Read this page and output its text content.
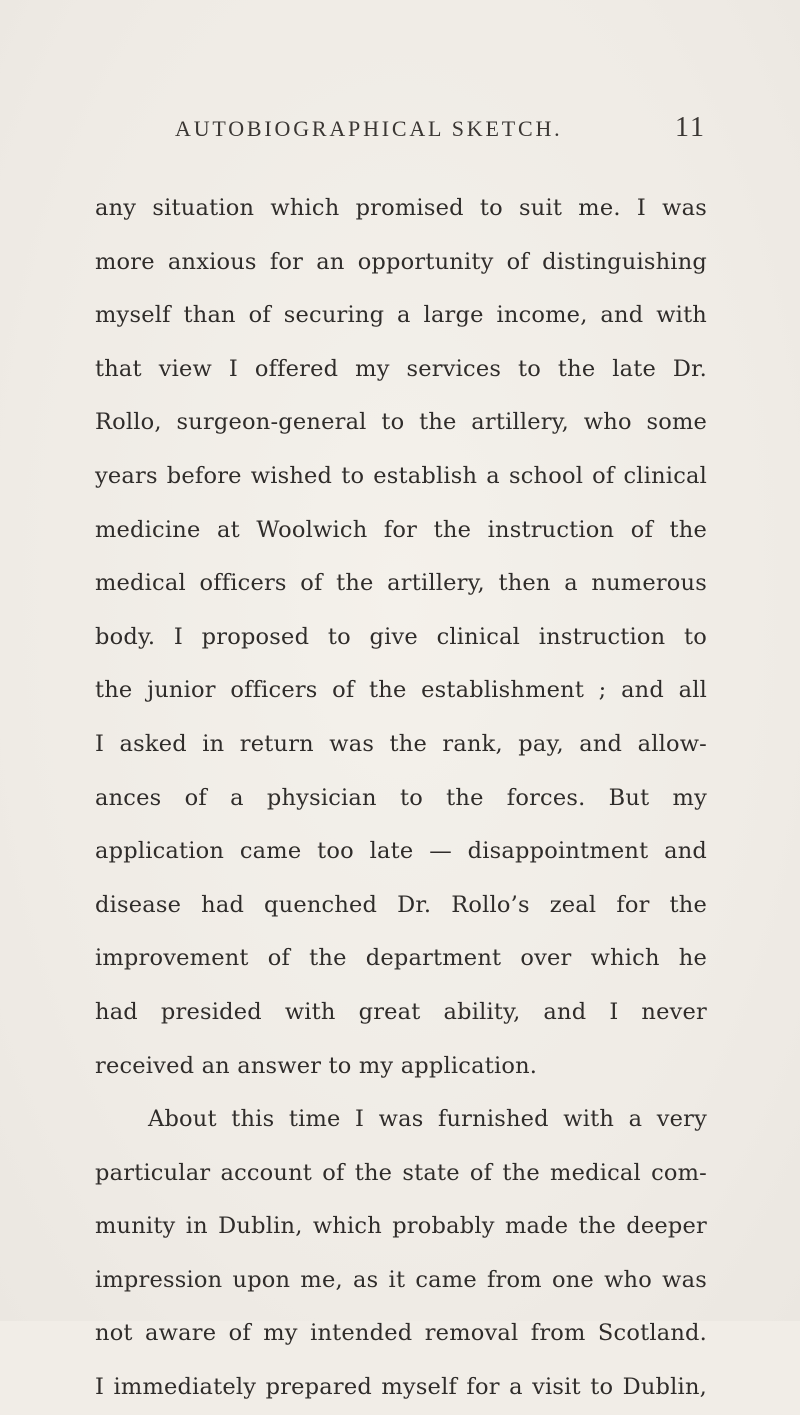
AUTOBIOGRAPHICAL SKETCH.	11
any situation which promised to suit me. I was
more anxious for an opportunity of distinguishing
myself than of securing a large income, and with
that view I offered my services to the late Dr.
Rollo, surgeon-general to the artillery, who some
years before wished to establish a school of clinical
medicine at Woolwich for the instruction of the
medical officers of the artillery, then a numerous
body. I proposed to give clinical instruction to
the junior officers of the establishment ; and all
I asked in return was the rank, pay, and allow-
ances of a physician to the forces. But my
application came too late — disappointment and
disease had quenched Dr. Rollo’s zeal for the
improvement of the department over which he
had presided with great ability, and I never
received an answer to my application.
About this time I was furnished with a very
particular account of the state of the medical com-
munity in Dublin, which probably made the deeper
impression upon me, as it came from one who was
not aware of my intended removal from Scotland.
I immediately prepared myself for a visit to Dublin,
